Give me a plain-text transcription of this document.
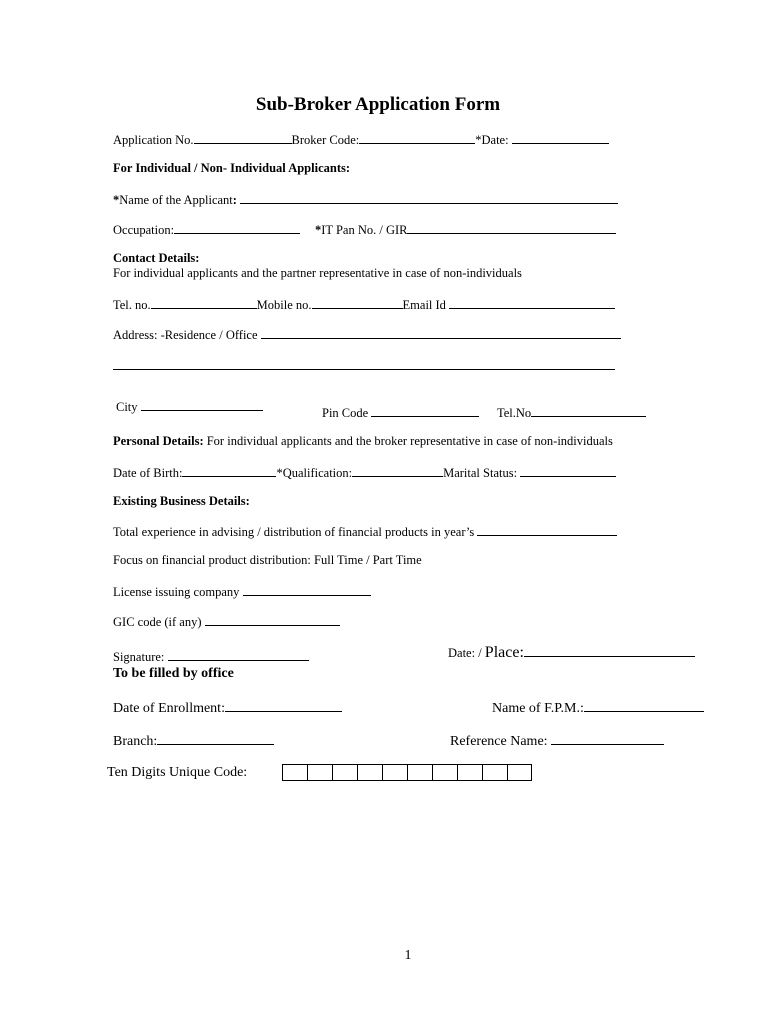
Sub-Broker Application Form
Application No.	Broker Code:	*Date:
For Individual / Non- Individual Applicants:
*Name of the Applicant:
Occupation:	*IT Pan No. / GIR
Contact Details:
For individual applicants and the partner representative in case of non-individuals
Tel. no.	Mobile no.	Email Id
Address: -Residence / Office
City	Pin Code	Tel.No
Personal Details: For individual applicants and the broker representative in case of non-individuals
Date of Birth:	*Qualification:	Marital Status:
Existing Business Details:
Total experience in advising / distribution of financial products in year’s
Focus on financial product distribution: Full Time / Part Time
License issuing company
GIC code (if any)
Signature:	Date: / Place:
To be filled by office
Date of Enrollment:	Name of F.P.M.:
Branch:	Reference Name:
Ten Digits Unique Code:
1
